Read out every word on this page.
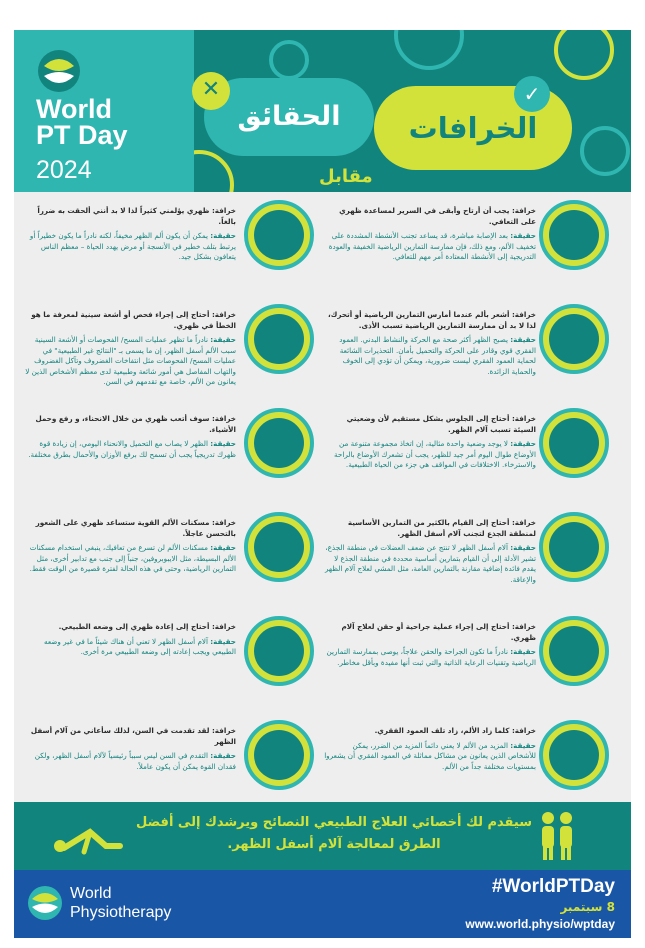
World
PT Day
2024
الحقائق
✕
الخرافات
✓
مقابل
خرافة: يجب أن أرتاح وأبقى في السرير لمساعدة ظهري على التعافي.
حقيقة: بعد الإصابة مباشرة، قد يساعد تجنب الأنشطة المشددة على تخفيف الألم، ومع ذلك، فإن ممارسة التمارين الرياضية الخفيفة والعودة التدريجية إلى الأنشطة المعتادة أمر مهم للتعافي.
خرافة: ظهري يؤلمني كثيراً لذا لا بد أنني ألحقت به ضرراً بالغاً.
حقيقة: يمكن أن يكون ألم الظهر مخيفاً، لكنه نادراً ما يكون خطيراً أو يرتبط بتلف خطير في الأنسجة أو مرض يهدد الحياة – معظم الناس يتعافون بشكل جيد.
خرافة: أشعر بألم عندما أمارس التمارين الرياضية أو أتحرك، لذا لا بد أن ممارسة التمارين الرياضية تسبب الأذى.
حقيقة: يصبح الظهر أكثر صحة مع الحركة والنشاط البدني. العمود الفقري قوي وقادر على الحركة والتحميل بأمان. التحذيرات الشائعة لحماية العمود الفقري ليست ضرورية، ويمكن أن تؤدي إلى الخوف والحماية الزائدة.
خرافة: أحتاج إلى إجراء فحص أو أشعة سينية لمعرفة ما هو الخطأ في ظهري.
حقيقة: نادراً ما تظهر عمليات المسح/ الفحوصات أو الأشعة السينية سبب الألم أسفل الظهر، إن ما يسمى بـ "النتائج غير الطبيعية" في عمليات المسح/ الفحوصات مثل انتفاخات الغضروف وتآكل الغضروف والتهاب المفاصل هي أمور شائعة وطبيعية لدى معظم الأشخاص الذين لا يعانون من الألم، خاصة مع تقدمهم في السن.
خرافة: أحتاج إلى الجلوس بشكل مستقيم لأن وضعيتي السيئة تسبب آلام الظهر.
حقيقة: لا يوجد وضعية واحدة مثالية، إن اتخاذ مجموعة متنوعة من الأوضاع طوال اليوم أمر جيد للظهر، يجب أن تشعرك الأوضاع بالراحة والاسترخاء. الاختلافات في المواقف هي جزء من الحياة الطبيعية.
خرافة: سوف أتعب ظهري من خلال الانحناء، و رفع وحمل الأشياء.
حقيقة: الظهر لا يصاب مع التحميل والانحناء اليومي، إن زيادة قوة ظهرك تدريجياً يجب أن تسمح لك برفع الأوزان والأحمال بطرق مختلفة.
خرافة: أحتاج إلى القيام بالكثير من التمارين الأساسية لمنطقة الجذع لتجنب آلام أسفل الظهر.
حقيقة: آلام أسفل الظهر لا تنتج عن ضعف العضلات في منطقة الجذع، تشير الأدلة إلى أن القيام بتمارين أساسية محددة في منطقة الجذع لا يقدم فائدة إضافية مقارنة بالتمارين العامة، مثل المشي لعلاج آلام الظهر والإعاقة.
خرافة: مسكنات الألم القوية ستساعد ظهري على الشعور بالتحسن عاجلاً.
حقيقة: مسكنات الألم لن تسرع من تعافيك، ينبغي استخدام مسكنات الألم البسيطة، مثل الايبوبروفين، جنباً إلى جنب مع تدابير أخرى، مثل التمارين الرياضية، وحتى في هذه الحالة لفترة قصيرة من الوقت فقط.
خرافة: أحتاج إلى إجراء عملية جراحية أو حقن لعلاج آلام ظهري.
حقيقة: نادراً ما تكون الجراحة والحقن علاجاً، يوصى بممارسة التمارين الرياضية وتقنيات الرعاية الذاتية والتي ثبت أنها مفيدة وبأقل مخاطر.
خرافة: أحتاج إلى إعادة ظهري إلى وضعه الطبيعي.
حقيقة: آلام أسفل الظهر لا تعني أن هناك شيئاً ما في غير وضعه الطبيعي ويجب إعادته إلى وضعه الطبيعي مرة أخرى.
خرافة: كلما زاد الألم، زاد تلف العمود الفقري.
حقيقة: المزيد من الألم لا يعني دائماً المزيد من الضرر، يمكن للأشخاص الذين يعانون من مشاكل مماثلة في العمود الفقري أن يشعروا بمستويات مختلفة جداً من الألم.
خرافة: لقد تقدمت في السن، لذلك سأعاني من آلام أسفل الظهر
حقيقة: التقدم في السن ليس سبباً رئيسياً لآلام أسفل الظهر، ولكن فقدان القوة يمكن أن يكون عاملاً.
سيقدم لك أخصائي العلاج الطبيعي النصائح ويرشدك إلى أفضل الطرق لمعالجة آلام أسفل الظهر.
World
Physiotherapy
#WorldPTDay
8 سبتمبر
www.world.physio/wptday
